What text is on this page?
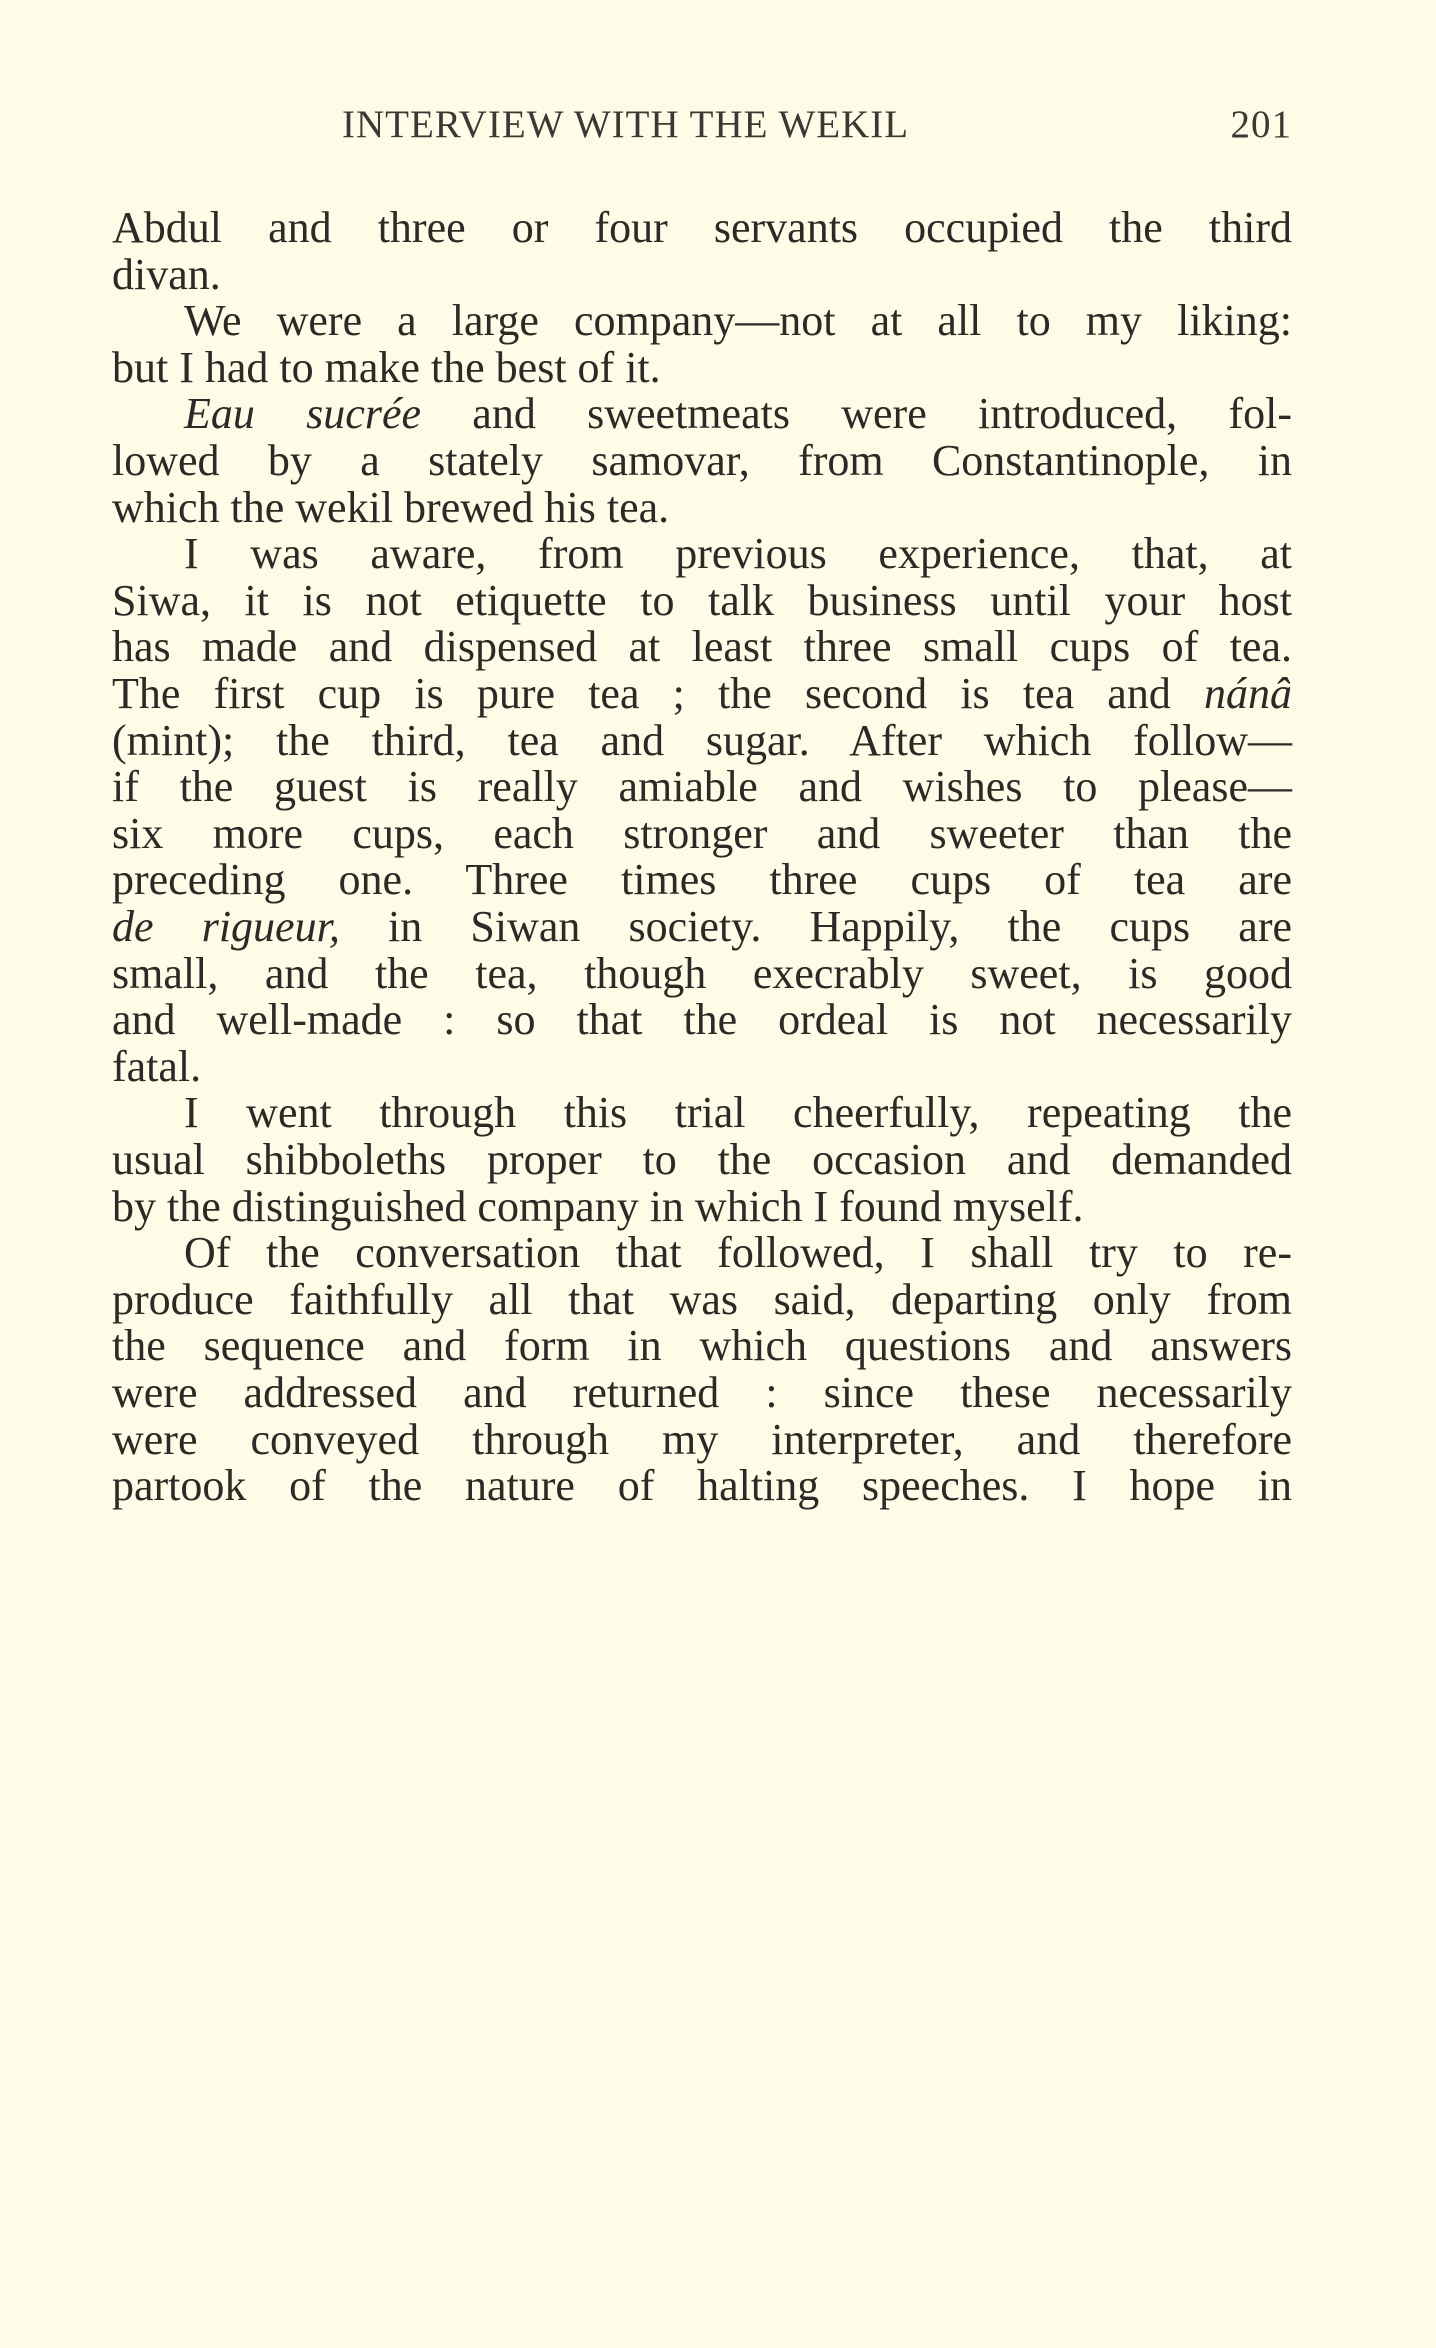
INTERVIEW WITH THE WEKIL	201
Abdul and three or four servants occupied the third
divan.
We were a large company—not at all to my liking:
but I had to make the best of it.
Eau sucrée and sweetmeats were introduced, fol-
lowed by a stately samovar, from Constantinople, in
which the wekil brewed his tea.
I was aware, from previous experience, that, at
Siwa, it is not etiquette to talk business until your host
has made and dispensed at least three small cups of tea.
The first cup is pure tea ; the second is tea and nánâ
(mint); the third, tea and sugar. After which follow—
if the guest is really amiable and wishes to please—
six more cups, each stronger and sweeter than the
preceding one. Three times three cups of tea are
de rigueur, in Siwan society. Happily, the cups are
small, and the tea, though execrably sweet, is good
and well-made : so that the ordeal is not necessarily
fatal.
I went through this trial cheerfully, repeating the
usual shibboleths proper to the occasion and demanded
by the distinguished company in which I found myself.
Of the conversation that followed, I shall try to re-
produce faithfully all that was said, departing only from
the sequence and form in which questions and answers
were addressed and returned : since these necessarily
were conveyed through my interpreter, and therefore
partook of the nature of halting speeches. I hope in
